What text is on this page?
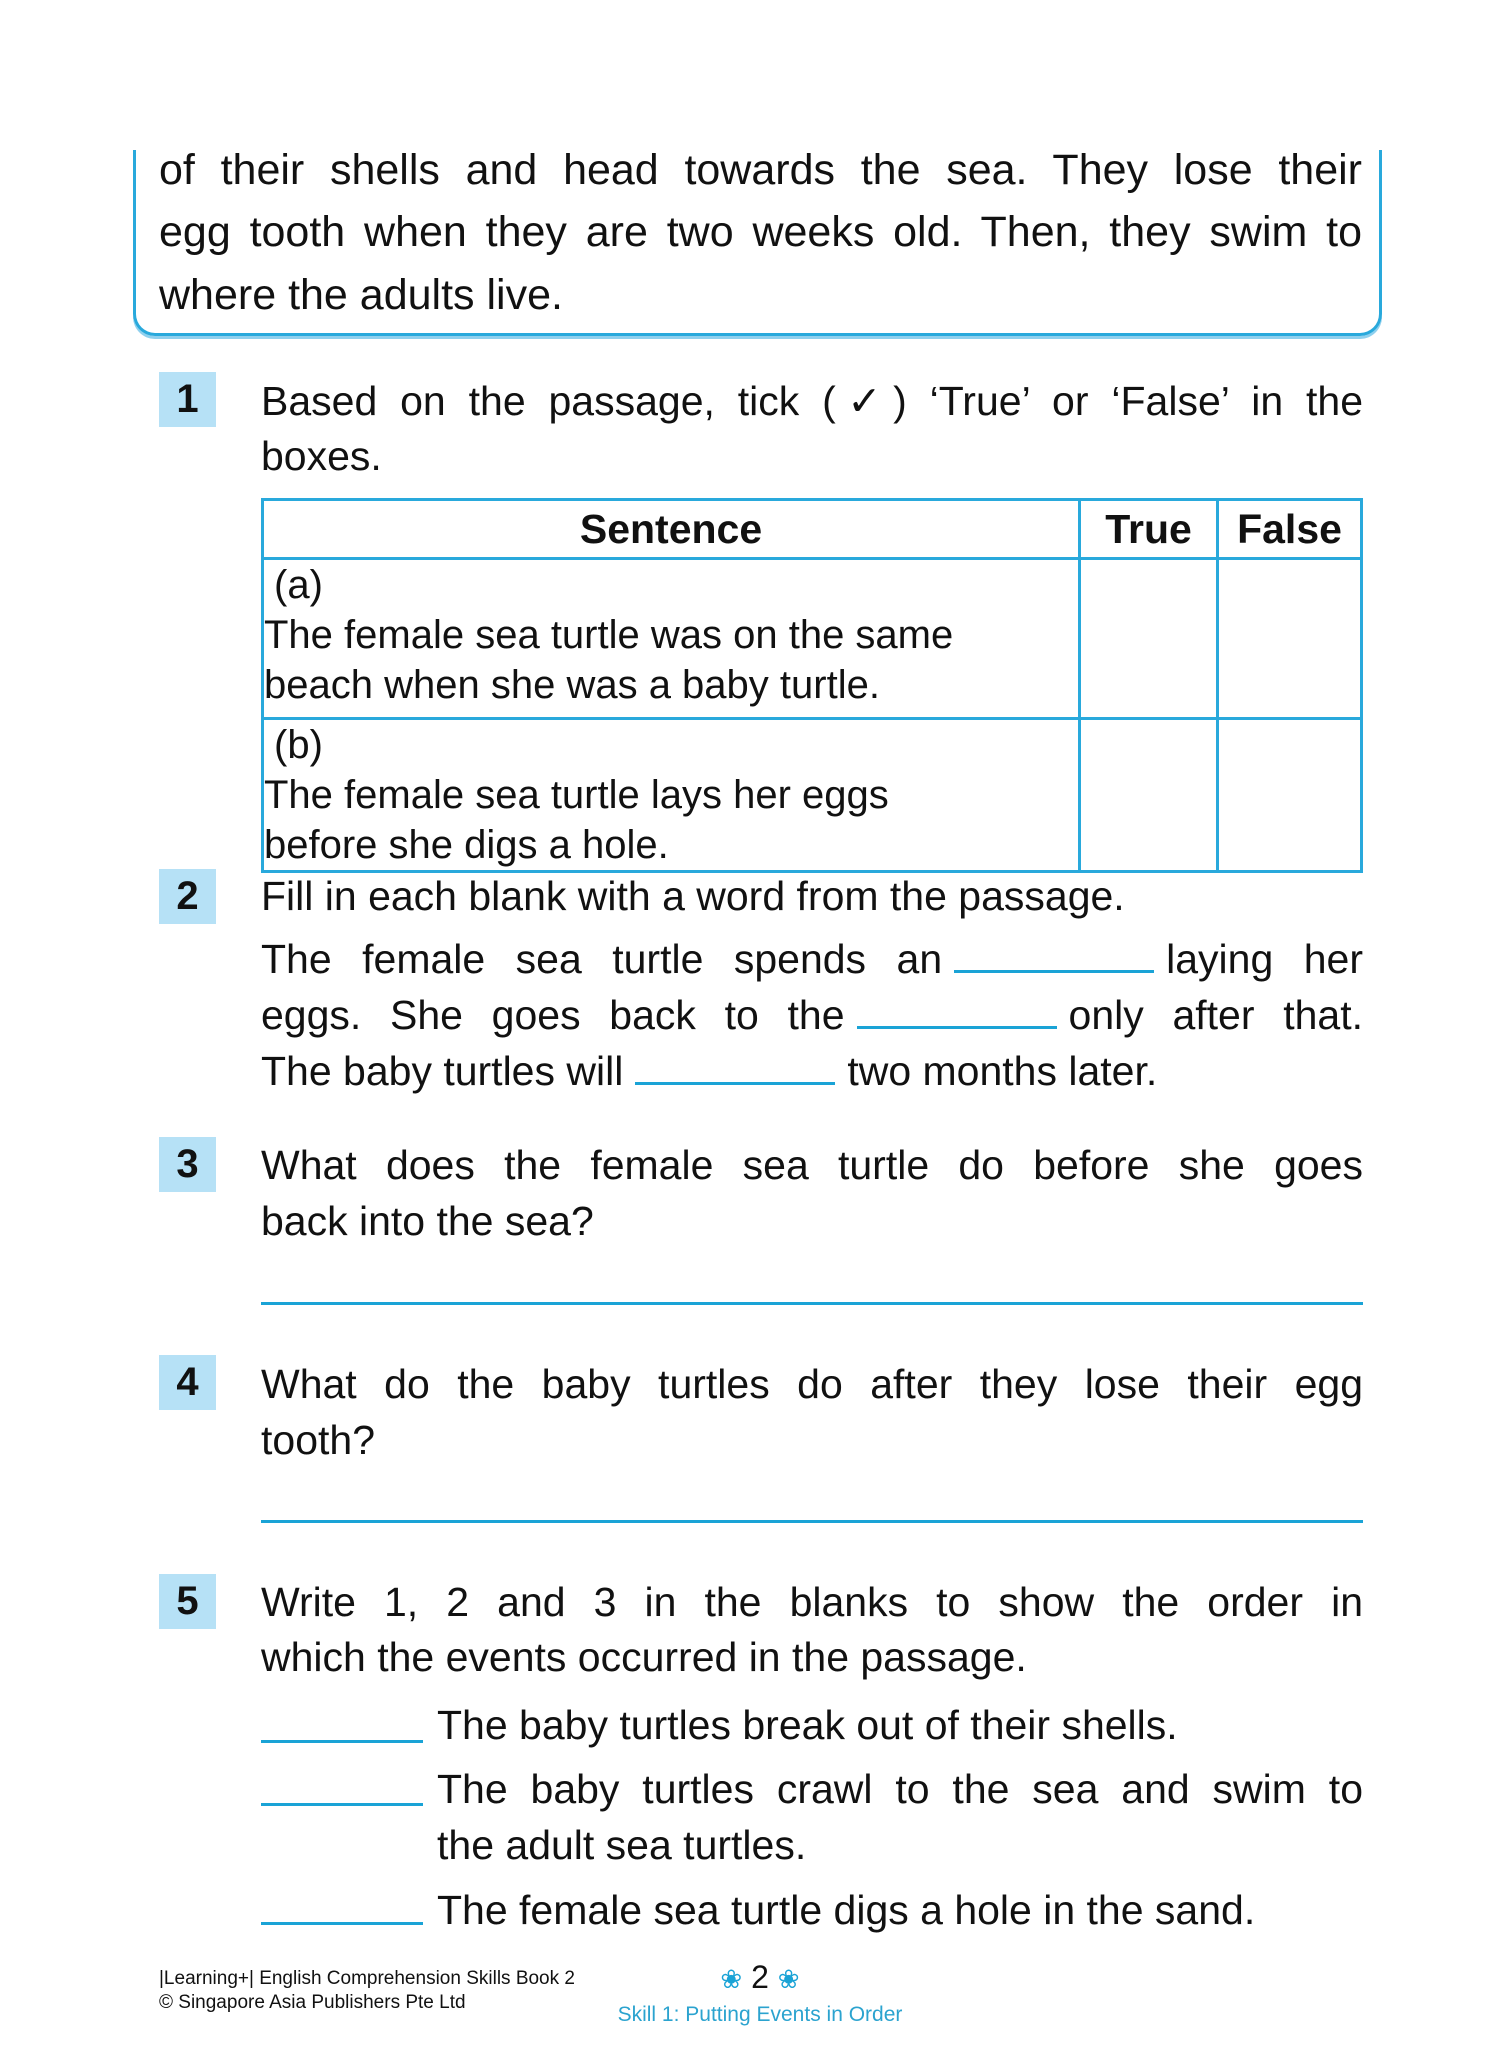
of their shells and head towards the sea. They lose their
egg tooth when they are two weeks old. Then, they swim to
where the adults live.
1	Based on the passage, tick (✓) ‘True’ or ‘False’ in the
boxes.
Sentence	True	False
(a)The female sea turtle was on the same beach when she was a baby turtle.		
(b)The female sea turtle lays her eggs before she digs a hole.		
2	Fill in each blank with a word from the passage.
The female sea turtle spends an	laying her
eggs. She goes back to the	only after that.
The baby turtles will	two months later.
3	What does the female sea turtle do before she goes
back into the sea?
4	What do the baby turtles do after they lose their egg
tooth?
5	Write 1, 2 and 3 in the blanks to show the order in
which the events occurred in the passage.
The baby turtles break out of their shells.
The baby turtles crawl to the sea and swim to
the adult sea turtles.
The female sea turtle digs a hole in the sand.
|Learning+| English Comprehension Skills Book 2
© Singapore Asia Publishers Pte Ltd
❀ 2 ❀
Skill 1: Putting Events in Order
